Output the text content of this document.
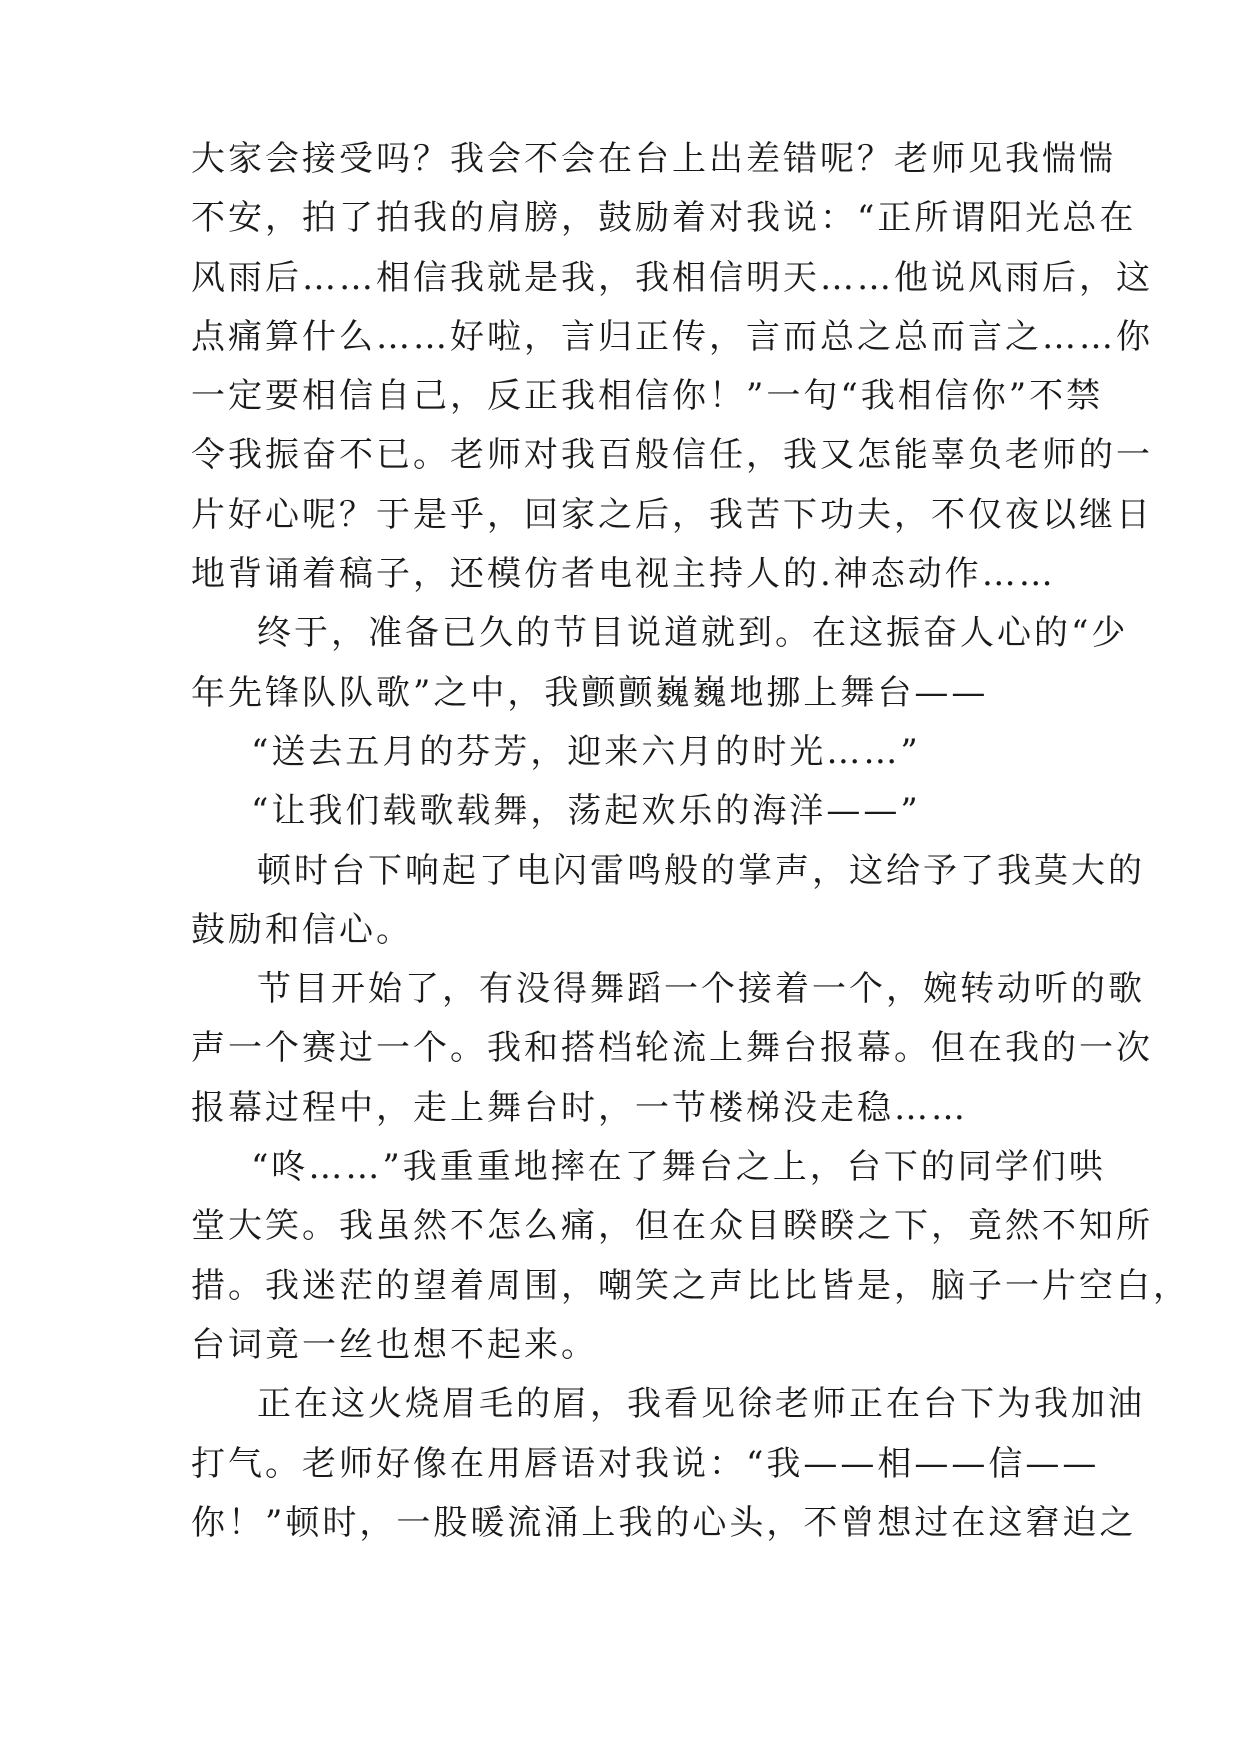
大家会接受吗？我会不会在台上出差错呢？老师见我惴惴
不安，拍了拍我的肩膀，鼓励着对我说：“正所谓阳光总在
风雨后……相信我就是我，我相信明天……他说风雨后，这
点痛算什么……好啦，言归正传，言而总之总而言之……你
一定要相信自己，反正我相信你！”一句“我相信你”不禁
令我振奋不已。老师对我百般信任，我又怎能辜负老师的一
片好心呢？于是乎，回家之后，我苦下功夫，不仅夜以继日
地背诵着稿子，还模仿者电视主持人的.神态动作……
终于，准备已久的节目说道就到。在这振奋人心的“少
年先锋队队歌”之中，我颤颤巍巍地挪上舞台——
“送去五月的芬芳，迎来六月的时光……”
“让我们载歌载舞，荡起欢乐的海洋——”
顿时台下响起了电闪雷鸣般的掌声，这给予了我莫大的
鼓励和信心。
节目开始了，有没得舞蹈一个接着一个，婉转动听的歌
声一个赛过一个。我和搭档轮流上舞台报幕。但在我的一次
报幕过程中，走上舞台时，一节楼梯没走稳……
“咚……”我重重地摔在了舞台之上，台下的同学们哄
堂大笑。我虽然不怎么痛，但在众目睽睽之下，竟然不知所
措。我迷茫的望着周围，嘲笑之声比比皆是，脑子一片空白，
台词竟一丝也想不起来。
正在这火烧眉毛的㞒，我看见徐老师正在台下为我加油
打气。老师好像在用唇语对我说：“我——相——信——
你！”顿时，一股暖流涌上我的心头，不曾想过在这窘迫之
